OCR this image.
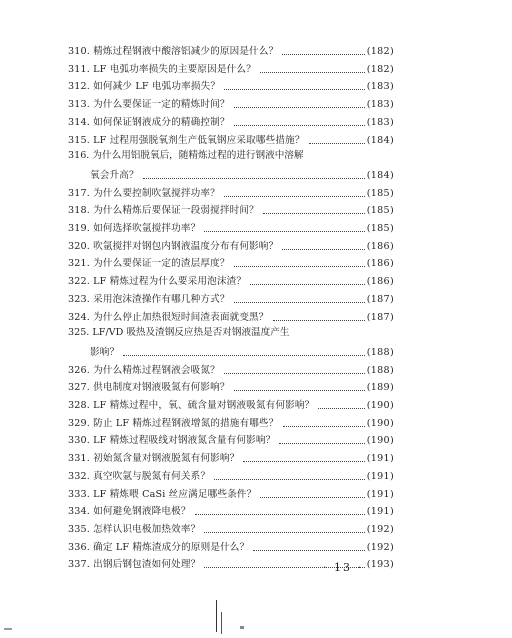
310. 精炼过程钢液中酸溶铝减少的原因是什么？	(182)
311. LF 电弧功率损失的主要原因是什么？	(182)
312. 如何减少 LF 电弧功率损失？	(183)
313. 为什么要保证一定的精炼时间？	(183)
314. 如何保证钢液成分的精确控制？	(183)
315. LF 过程用强脱氧剂生产低氧钢应采取哪些措施？	(184)
316. 为什么用铝脱氧后，随精炼过程的进行钢液中溶解
氧会升高？	(184)
317. 为什么要控制吹氩搅拌功率？	(185)
318. 为什么精炼后要保证一段弱搅拌时间？	(185)
319. 如何选择吹氩搅拌功率？	(185)
320. 吹氩搅拌对钢包内钢液温度分布有何影响？	(186)
321. 为什么要保证一定的渣层厚度？	(186)
322. LF 精炼过程为什么要采用泡沫渣？	(186)
323. 采用泡沫渣操作有哪几种方式？	(187)
324. 为什么停止加热很短时间渣表面就变黑？	(187)
325. LF/VD 吸热及渣钢反应热是否对钢液温度产生
影响？	(188)
326. 为什么精炼过程钢液会吸氮？	(188)
327. 供电制度对钢液吸氮有何影响？	(189)
328. LF 精炼过程中，氧、硫含量对钢液吸氮有何影响？	(190)
329. 防止 LF 精炼过程钢液增氮的措施有哪些？	(190)
330. LF 精炼过程吸线对钢液氮含量有何影响？	(190)
331. 初始氮含量对钢液脱氮有何影响？	(191)
332. 真空吹氩与脱氮有何关系？	(191)
333. LF 精炼喂 CaSi 丝应满足哪些条件？	(191)
334. 如何避免钢液降电极？	(191)
335. 怎样认识电极加热效率？	(192)
336. 确定 LF 精炼渣成分的原则是什么？	(192)
337. 出钢后钢包渣如何处理？	(193)
· 13 ·
